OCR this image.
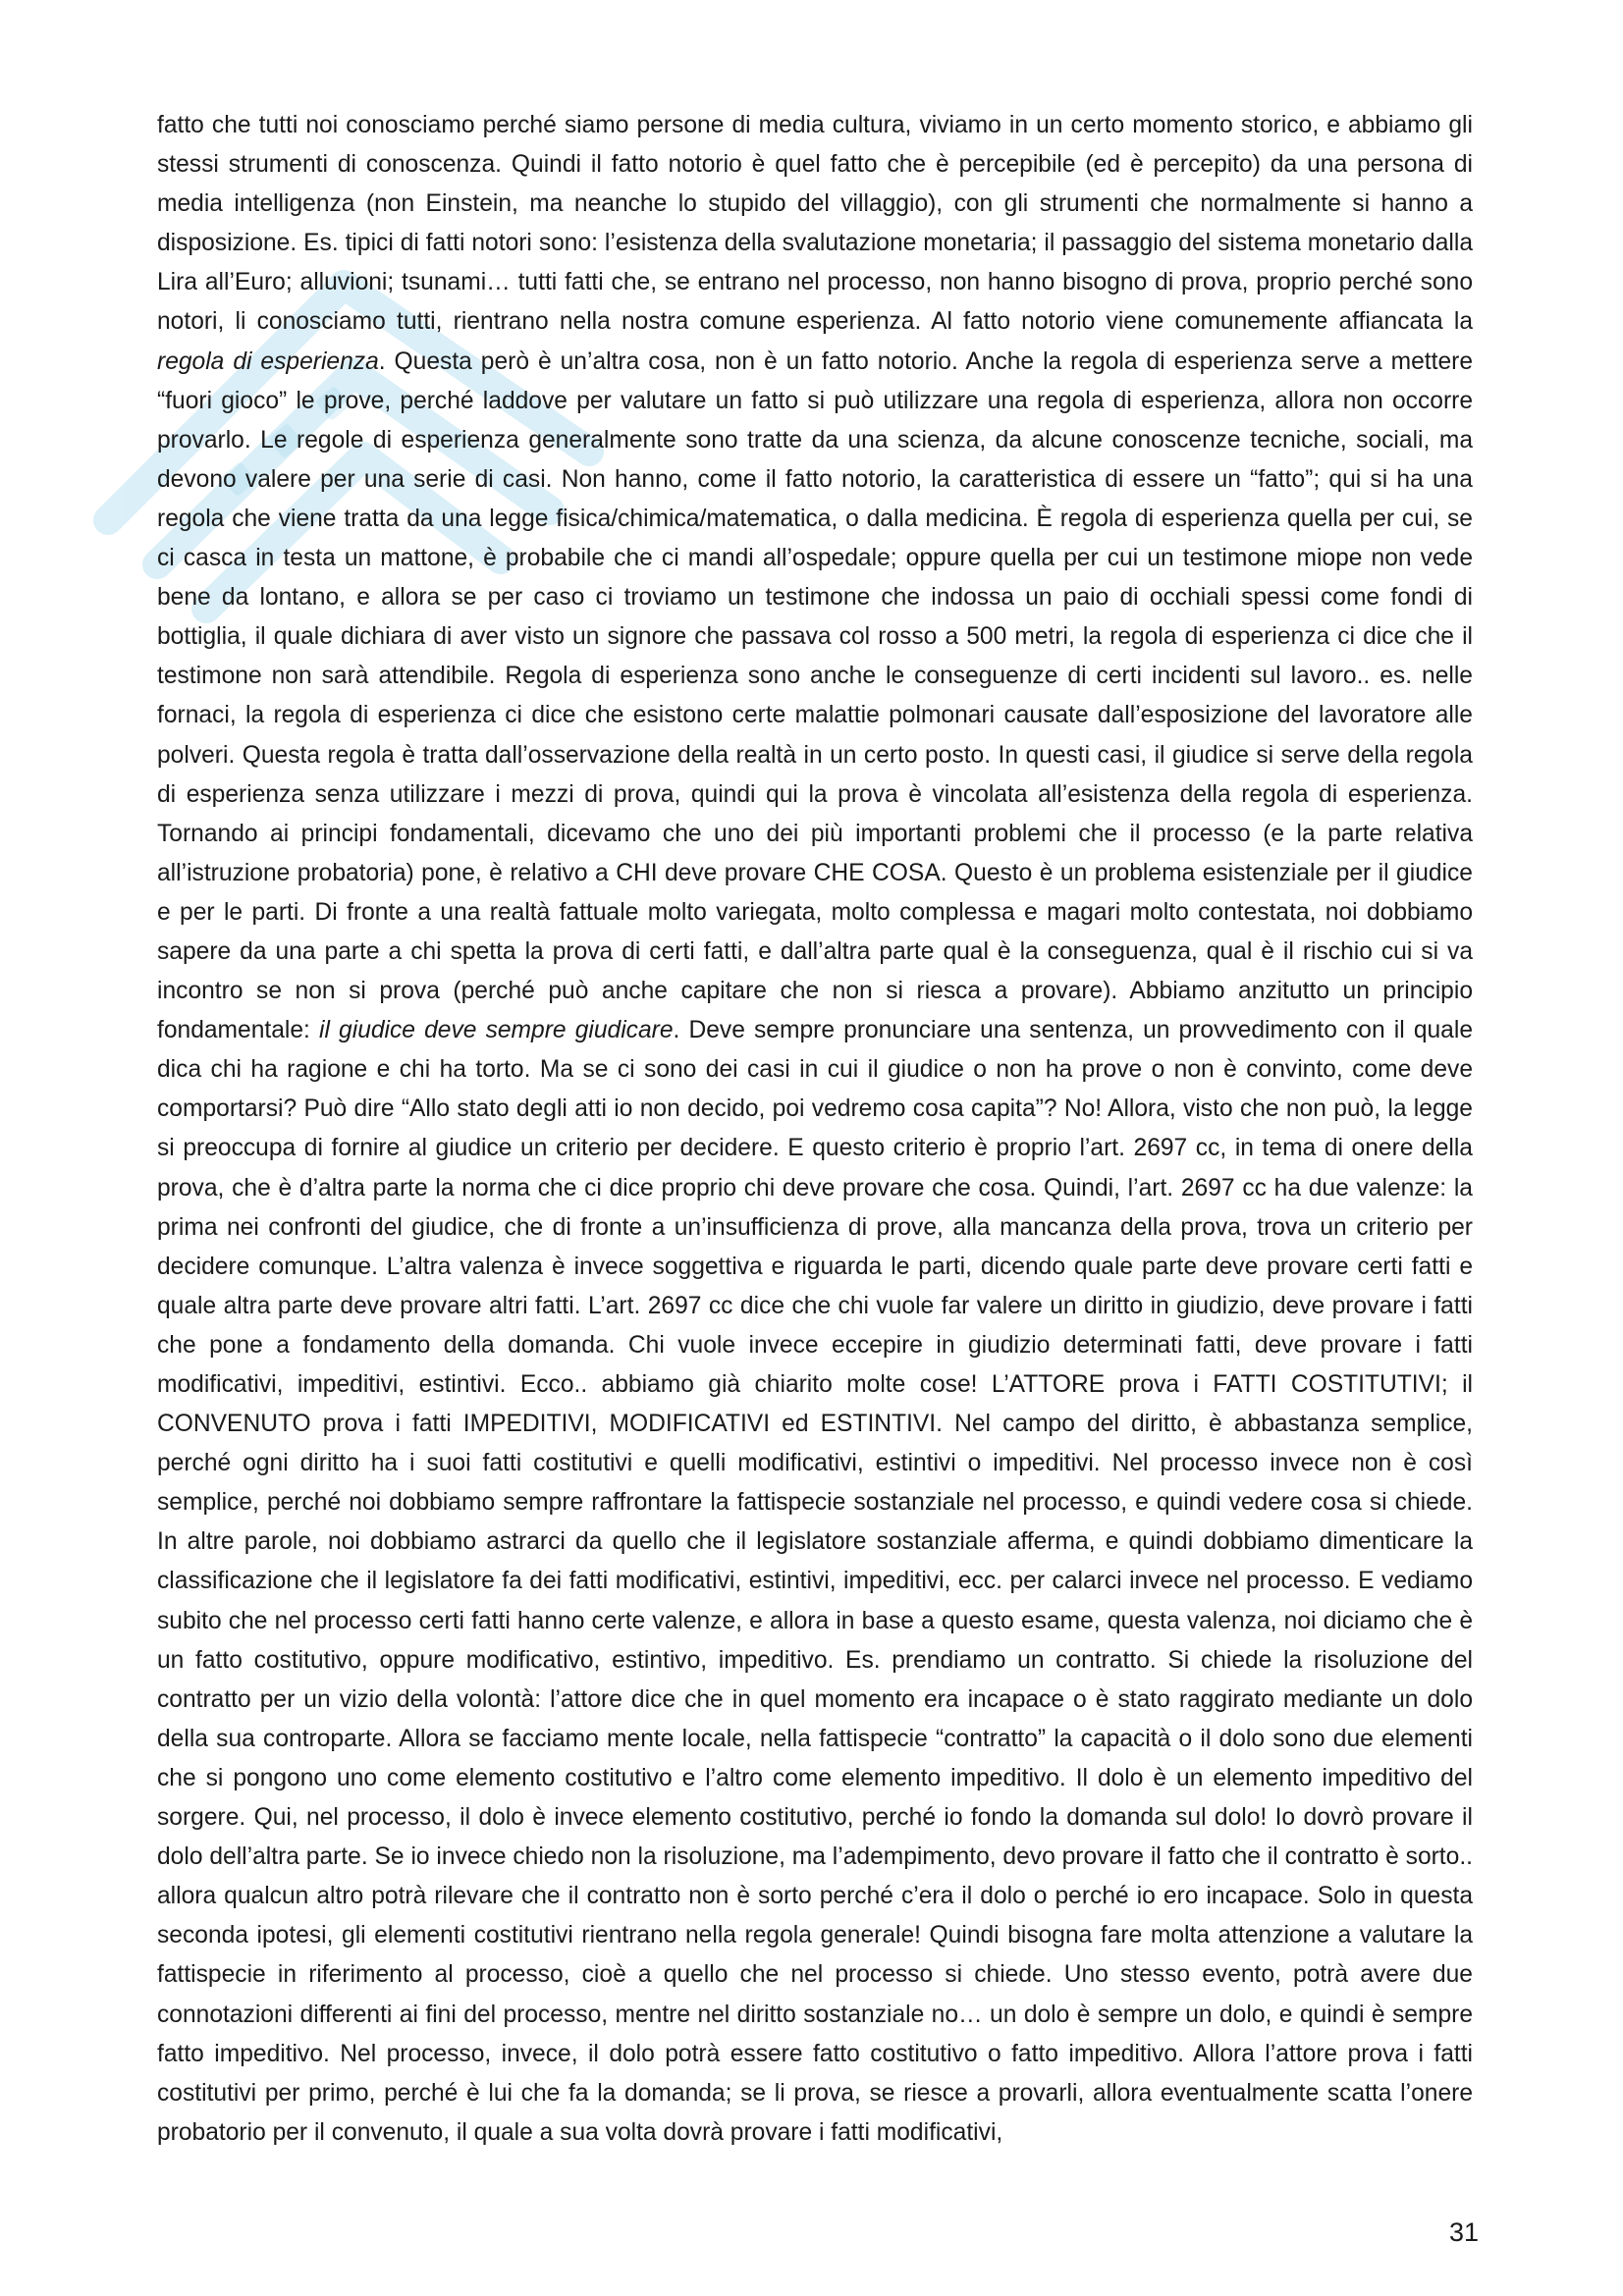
fatto che tutti noi conosciamo perché siamo persone di media cultura, viviamo in un certo momento storico, e abbiamo gli stessi strumenti di conoscenza. Quindi il fatto notorio è quel fatto che è percepibile (ed è percepito) da una persona di media intelligenza (non Einstein, ma neanche lo stupido del villaggio), con gli strumenti che normalmente si hanno a disposizione. Es. tipici di fatti notori sono: l’esistenza della svalutazione monetaria; il passaggio del sistema monetario dalla Lira all’Euro; alluvioni; tsunami… tutti fatti che, se entrano nel processo, non hanno bisogno di prova, proprio perché sono notori, li conosciamo tutti, rientrano nella nostra comune esperienza. Al fatto notorio viene comunemente affiancata la regola di esperienza. Questa però è un’altra cosa, non è un fatto notorio. Anche la regola di esperienza serve a mettere “fuori gioco” le prove, perché laddove per valutare un fatto si può utilizzare una regola di esperienza, allora non occorre provarlo. Le regole di esperienza generalmente sono tratte da una scienza, da alcune conoscenze tecniche, sociali, ma devono valere per una serie di casi. Non hanno, come il fatto notorio, la caratteristica di essere un “fatto”; qui si ha una regola che viene tratta da una legge fisica/chimica/matematica, o dalla medicina. È regola di esperienza quella per cui, se ci casca in testa un mattone, è probabile che ci mandi all’ospedale; oppure quella per cui un testimone miope non vede bene da lontano, e allora se per caso ci troviamo un testimone che indossa un paio di occhiali spessi come fondi di bottiglia, il quale dichiara di aver visto un signore che passava col rosso a 500 metri, la regola di esperienza ci dice che il testimone non sarà attendibile. Regola di esperienza sono anche le conseguenze di certi incidenti sul lavoro.. es. nelle fornaci, la regola di esperienza ci dice che esistono certe malattie polmonari causate dall’esposizione del lavoratore alle polveri. Questa regola è tratta dall’osservazione della realtà in un certo posto. In questi casi, il giudice si serve della regola di esperienza senza utilizzare i mezzi di prova, quindi qui la prova è vincolata all’esistenza della regola di esperienza. Tornando ai principi fondamentali, dicevamo che uno dei più importanti problemi che il processo (e la parte relativa all’istruzione probatoria) pone, è relativo a CHI deve provare CHE COSA. Questo è un problema esistenziale per il giudice e per le parti. Di fronte a una realtà fattuale molto variegata, molto complessa e magari molto contestata, noi dobbiamo sapere da una parte a chi spetta la prova di certi fatti, e dall’altra parte qual è la conseguenza, qual è il rischio cui si va incontro se non si prova (perché può anche capitare che non si riesca a provare). Abbiamo anzitutto un principio fondamentale: il giudice deve sempre giudicare. Deve sempre pronunciare una sentenza, un provvedimento con il quale dica chi ha ragione e chi ha torto. Ma se ci sono dei casi in cui il giudice o non ha prove o non è convinto, come deve comportarsi? Può dire “Allo stato degli atti io non decido, poi vedremo cosa capita”? No! Allora, visto che non può, la legge si preoccupa di fornire al giudice un criterio per decidere. E questo criterio è proprio l’art. 2697 cc, in tema di onere della prova, che è d’altra parte la norma che ci dice proprio chi deve provare che cosa. Quindi, l’art. 2697 cc ha due valenze: la prima nei confronti del giudice, che di fronte a un’insufficienza di prove, alla mancanza della prova, trova un criterio per decidere comunque. L’altra valenza è invece soggettiva e riguarda le parti, dicendo quale parte deve provare certi fatti e quale altra parte deve provare altri fatti. L’art. 2697 cc dice che chi vuole far valere un diritto in giudizio, deve provare i fatti che pone a fondamento della domanda. Chi vuole invece eccepire in giudizio determinati fatti, deve provare i fatti modificativi, impeditivi, estintivi. Ecco.. abbiamo già chiarito molte cose! L’ATTORE prova i FATTI COSTITUTIVI; il CONVENUTO prova i fatti IMPEDITIVI, MODIFICATIVI ed ESTINTIVI. Nel campo del diritto, è abbastanza semplice, perché ogni diritto ha i suoi fatti costitutivi e quelli modificativi, estintivi o impeditivi. Nel processo invece non è così semplice, perché noi dobbiamo sempre raffrontare la fattispecie sostanziale nel processo, e quindi vedere cosa si chiede. In altre parole, noi dobbiamo astrarci da quello che il legislatore sostanziale afferma, e quindi dobbiamo dimenticare la classificazione che il legislatore fa dei fatti modificativi, estintivi, impeditivi, ecc. per calarci invece nel processo. E vediamo subito che nel processo certi fatti hanno certe valenze, e allora in base a questo esame, questa valenza, noi diciamo che è un fatto costitutivo, oppure modificativo, estintivo, impeditivo. Es. prendiamo un contratto. Si chiede la risoluzione del contratto per un vizio della volontà: l’attore dice che in quel momento era incapace o è stato raggirato mediante un dolo della sua controparte. Allora se facciamo mente locale, nella fattispecie “contratto” la capacità o il dolo sono due elementi che si pongono uno come elemento costitutivo e l’altro come elemento impeditivo. Il dolo è un elemento impeditivo del sorgere. Qui, nel processo, il dolo è invece elemento costitutivo, perché io fondo la domanda sul dolo! Io dovrò provare il dolo dell’altra parte. Se io invece chiedo non la risoluzione, ma l’adempimento, devo provare il fatto che il contratto è sorto.. allora qualcun altro potrà rilevare che il contratto non è sorto perché c’era il dolo o perché io ero incapace. Solo in questa seconda ipotesi, gli elementi costitutivi rientrano nella regola generale! Quindi bisogna fare molta attenzione a valutare la fattispecie in riferimento al processo, cioè a quello che nel processo si chiede. Uno stesso evento, potrà avere due connotazioni differenti ai fini del processo, mentre nel diritto sostanziale no… un dolo è sempre un dolo, e quindi è sempre fatto impeditivo. Nel processo, invece, il dolo potrà essere fatto costitutivo o fatto impeditivo. Allora l’attore prova i fatti costitutivi per primo, perché è lui che fa la domanda; se li prova, se riesce a provarli, allora eventualmente scatta l’onere probatorio per il convenuto, il quale a sua volta dovrà provare i fatti modificativi,

31
